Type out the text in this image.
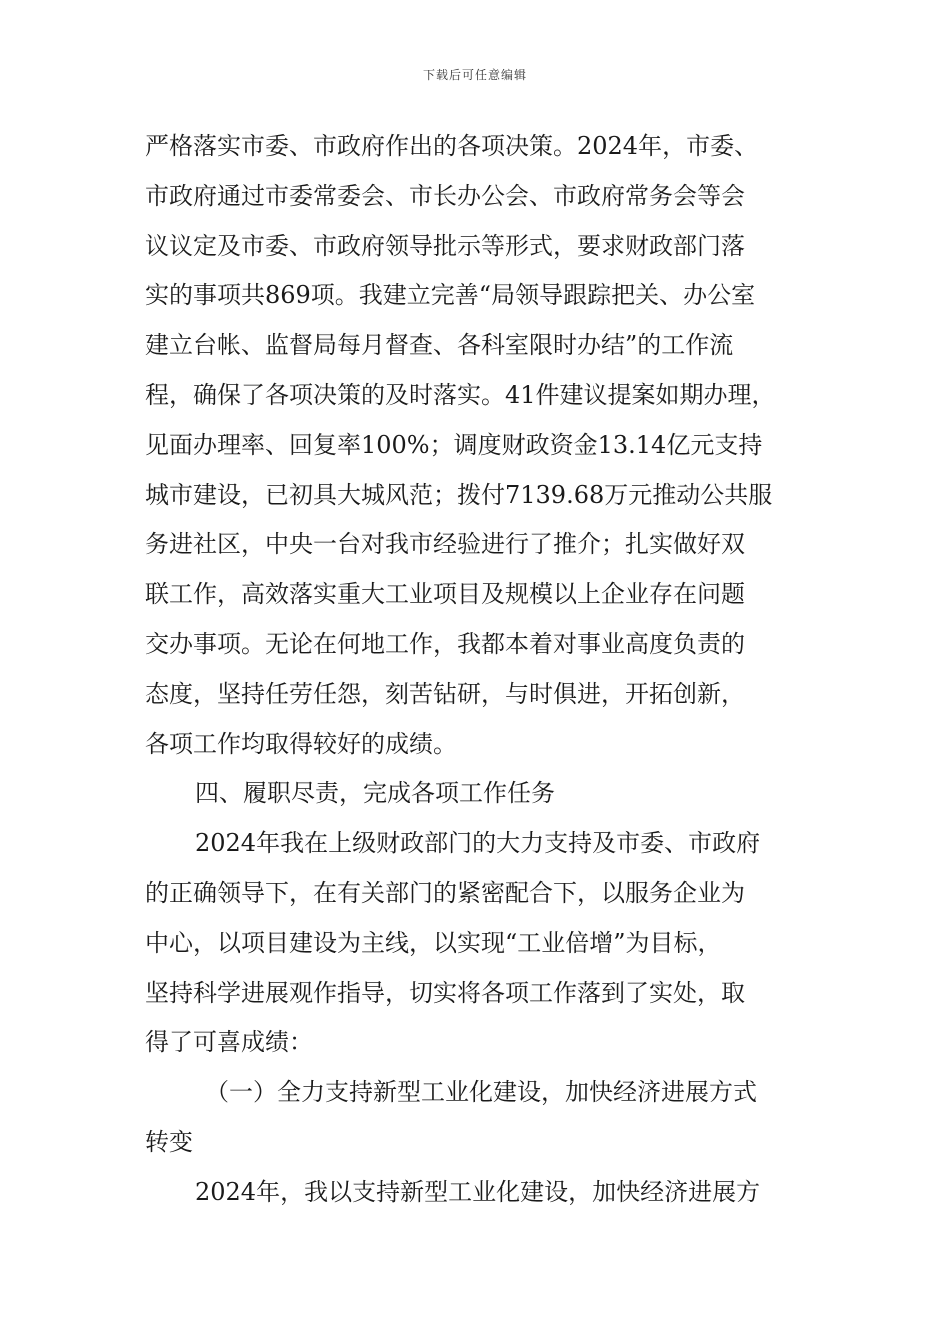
下载后可任意编辑
严格落实市委、市政府作出的各项决策。2024年，市委、
市政府通过市委常委会、市长办公会、市政府常务会等会
议议定及市委、市政府领导批示等形式，要求财政部门落
实的事项共869项。我建立完善“局领导跟踪把关、办公室
建立台帐、监督局每月督查、各科室限时办结”的工作流
程，确保了各项决策的及时落实。41件建议提案如期办理，
见面办理率、回复率100%；调度财政资金13.14亿元支持
城市建设，已初具大城风范；拨付7139.68万元推动公共服
务进社区，中央一台对我市经验进行了推介；扎实做好双
联工作，高效落实重大工业项目及规模以上企业存在问题
交办事项。无论在何地工作，我都本着对事业高度负责的
态度，坚持任劳任怨，刻苦钻研，与时俱进，开拓创新，
各项工作均取得较好的成绩。
四、履职尽责，完成各项工作任务
2024年我在上级财政部门的大力支持及市委、市政府
的正确领导下，在有关部门的紧密配合下，以服务企业为
中心，以项目建设为主线，以实现“工业倍增”为目标，
坚持科学进展观作指导，切实将各项工作落到了实处，取
得了可喜成绩：
（一）全力支持新型工业化建设，加快经济进展方式
转变
2024年，我以支持新型工业化建设，加快经济进展方
